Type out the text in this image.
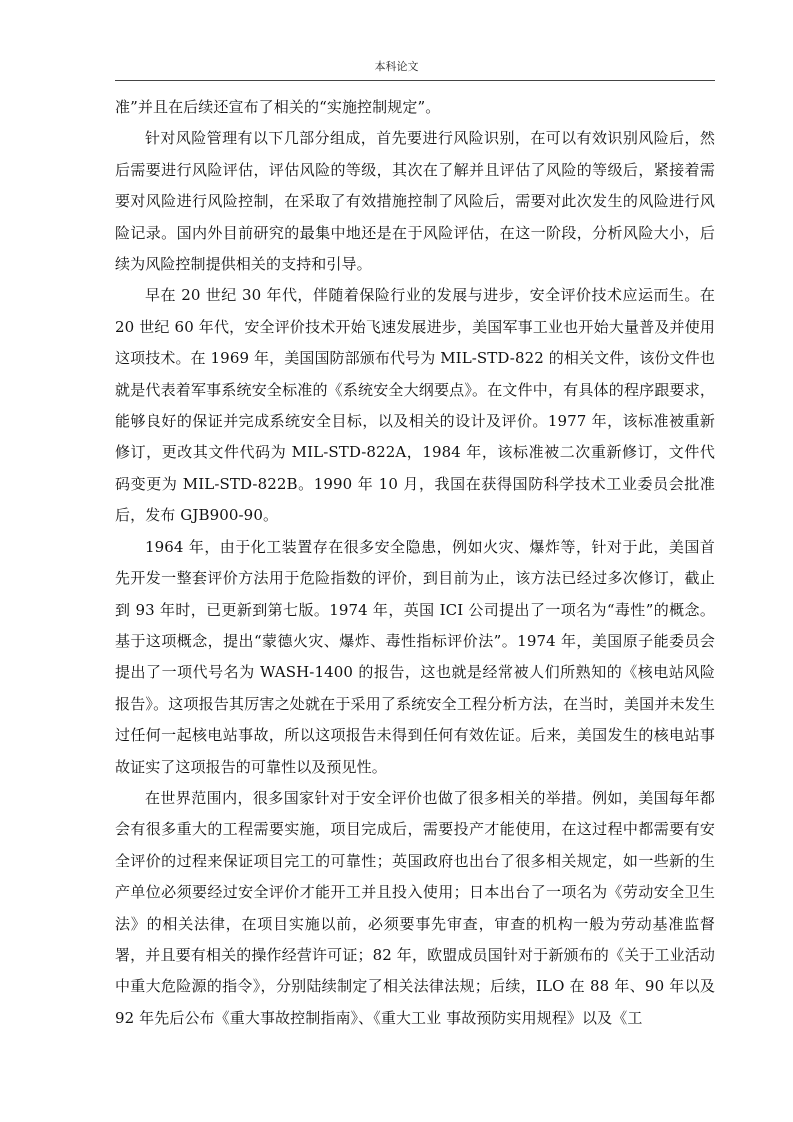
本科论文

准”并且在后续还宣布了相关的“实施控制规定”。

针对风险管理有以下几部分组成，首先要进行风险识别，在可以有效识别风险后，然后需要进行风险评估，评估风险的等级，其次在了解并且评估了风险的等级后，紧接着需要对风险进行风险控制，在采取了有效措施控制了风险后，需要对此次发生的风险进行风险记录。国内外目前研究的最集中地还是在于风险评估，在这一阶段，分析风险大小，后续为风险控制提供相关的支持和引导。

早在 20 世纪 30 年代，伴随着保险行业的发展与进步，安全评价技术应运而生。在 20 世纪 60 年代，安全评价技术开始飞速发展进步，美国军事工业也开始大量普及并使用这项技术。在 1969 年，美国国防部颁布代号为 MIL-STD-822 的相关文件，该份文件也就是代表着军事系统安全标准的《系统安全大纲要点》。在文件中，有具体的程序跟要求，能够良好的保证并完成系统安全目标，以及相关的设计及评价。1977 年，该标准被重新修订，更改其文件代码为 MIL-STD-822A，1984 年，该标准被二次重新修订，文件代码变更为 MIL-STD-822B。1990 年 10 月，我国在获得国防科学技术工业委员会批准后，发布 GJB900-90。

1964 年，由于化工装置存在很多安全隐患，例如火灾、爆炸等，针对于此，美国首先开发一整套评价方法用于危险指数的评价，到目前为止，该方法已经过多次修订，截止到 93 年时，已更新到第七版。1974 年，英国 ICI 公司提出了一项名为“毒性”的概念。基于这项概念，提出“蒙德火灾、爆炸、毒性指标评价法”。1974 年，美国原子能委员会提出了一项代号名为 WASH-1400 的报告，这也就是经常被人们所熟知的《核电站风险报告》。这项报告其厉害之处就在于采用了系统安全工程分析方法，在当时，美国并未发生过任何一起核电站事故，所以这项报告未得到任何有效佐证。后来，美国发生的核电站事故证实了这项报告的可靠性以及预见性。

在世界范围内，很多国家针对于安全评价也做了很多相关的举措。例如，美国每年都会有很多重大的工程需要实施，项目完成后，需要投产才能使用，在这过程中都需要有安全评价的过程来保证项目完工的可靠性；英国政府也出台了很多相关规定，如一些新的生产单位必须要经过安全评价才能开工并且投入使用；日本出台了一项名为《劳动安全卫生法》的相关法律，在项目实施以前，必须要事先审查，审查的机构一般为劳动基准监督署，并且要有相关的操作经营许可证；82 年，欧盟成员国针对于新颁布的《关于工业活动中重大危险源的指令》，分别陆续制定了相关法律法规；后续，ILO 在 88 年、90 年以及 92 年先后公布《重大事故控制指南》、《重大工业 事故预防实用规程》以及《工
